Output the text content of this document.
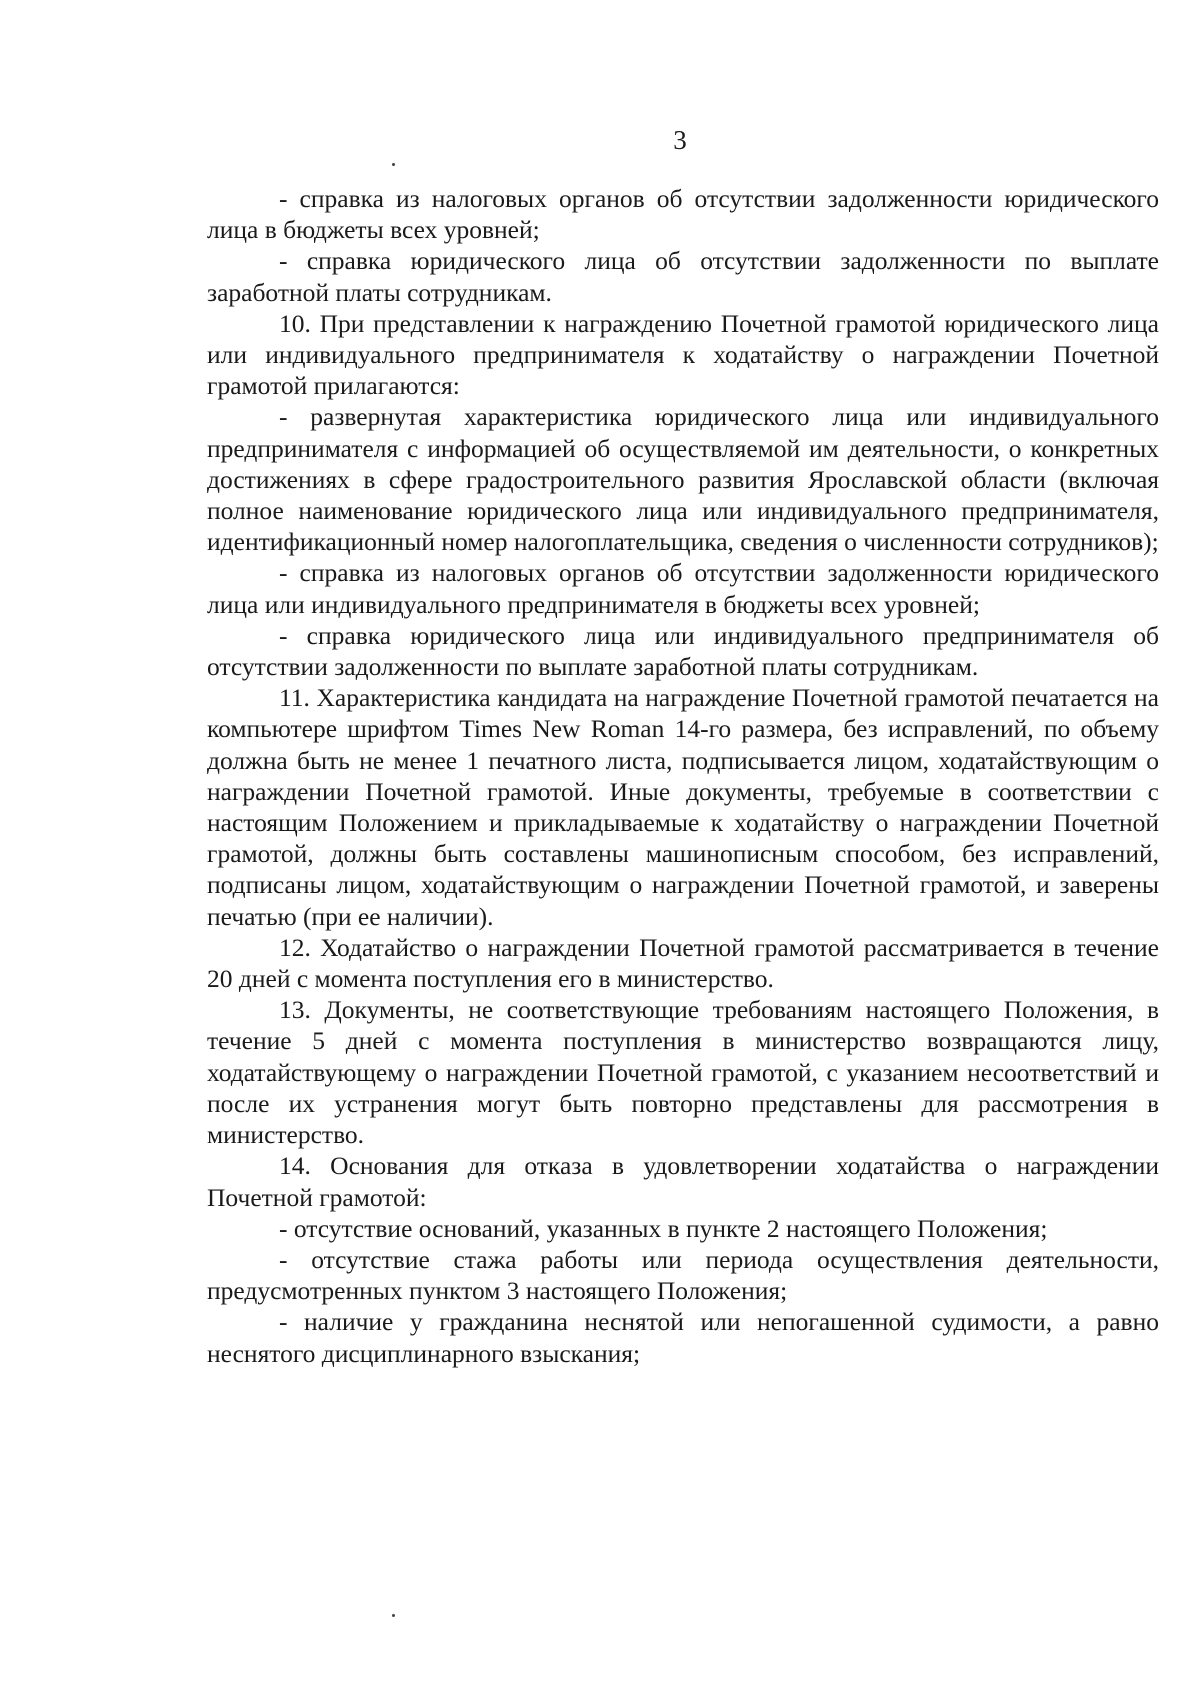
3

- справка из налоговых органов об отсутствии задолженности юридического лица в бюджеты всех уровней;

- справка юридического лица об отсутствии задолженности по выплате заработной платы сотрудникам.

10. При представлении к награждению Почетной грамотой юридического лица или индивидуального предпринимателя к ходатайству о награждении Почетной грамотой прилагаются:

- развернутая характеристика юридического лица или индивидуального предпринимателя с информацией об осуществляемой им деятельности, о конкретных достижениях в сфере градостроительного развития Ярославской области (включая полное наименование юридического лица или индивидуального предпринимателя, идентификационный номер налогоплательщика, сведения о численности сотрудников);

- справка из налоговых органов об отсутствии задолженности юридического лица или индивидуального предпринимателя в бюджеты всех уровней;

- справка юридического лица или индивидуального предпринимателя об отсутствии задолженности по выплате заработной платы сотрудникам.

11. Характеристика кандидата на награждение Почетной грамотой печатается на компьютере шрифтом Times New Roman 14-го размера, без исправлений, по объему должна быть не менее 1 печатного листа, подписывается лицом, ходатайствующим о награждении Почетной грамотой. Иные документы, требуемые в соответствии с настоящим Положением и прикладываемые к ходатайству о награждении Почетной грамотой, должны быть составлены машинописным способом, без исправлений, подписаны лицом, ходатайствующим о награждении Почетной грамотой, и заверены печатью (при ее наличии).

12. Ходатайство о награждении Почетной грамотой рассматривается в течение 20 дней с момента поступления его в министерство.

13. Документы, не соответствующие требованиям настоящего Положения, в течение 5 дней с момента поступления в министерство возвращаются лицу, ходатайствующему о награждении Почетной грамотой, с указанием несоответствий и после их устранения могут быть повторно представлены для рассмотрения в министерство.

14. Основания для отказа в удовлетворении ходатайства о награждении Почетной грамотой:

- отсутствие оснований, указанных в пункте 2 настоящего Положения;

- отсутствие стажа работы или периода осуществления деятельности, предусмотренных пунктом 3 настоящего Положения;

- наличие у гражданина неснятой или непогашенной судимости, а равно неснятого дисциплинарного взыскания;
